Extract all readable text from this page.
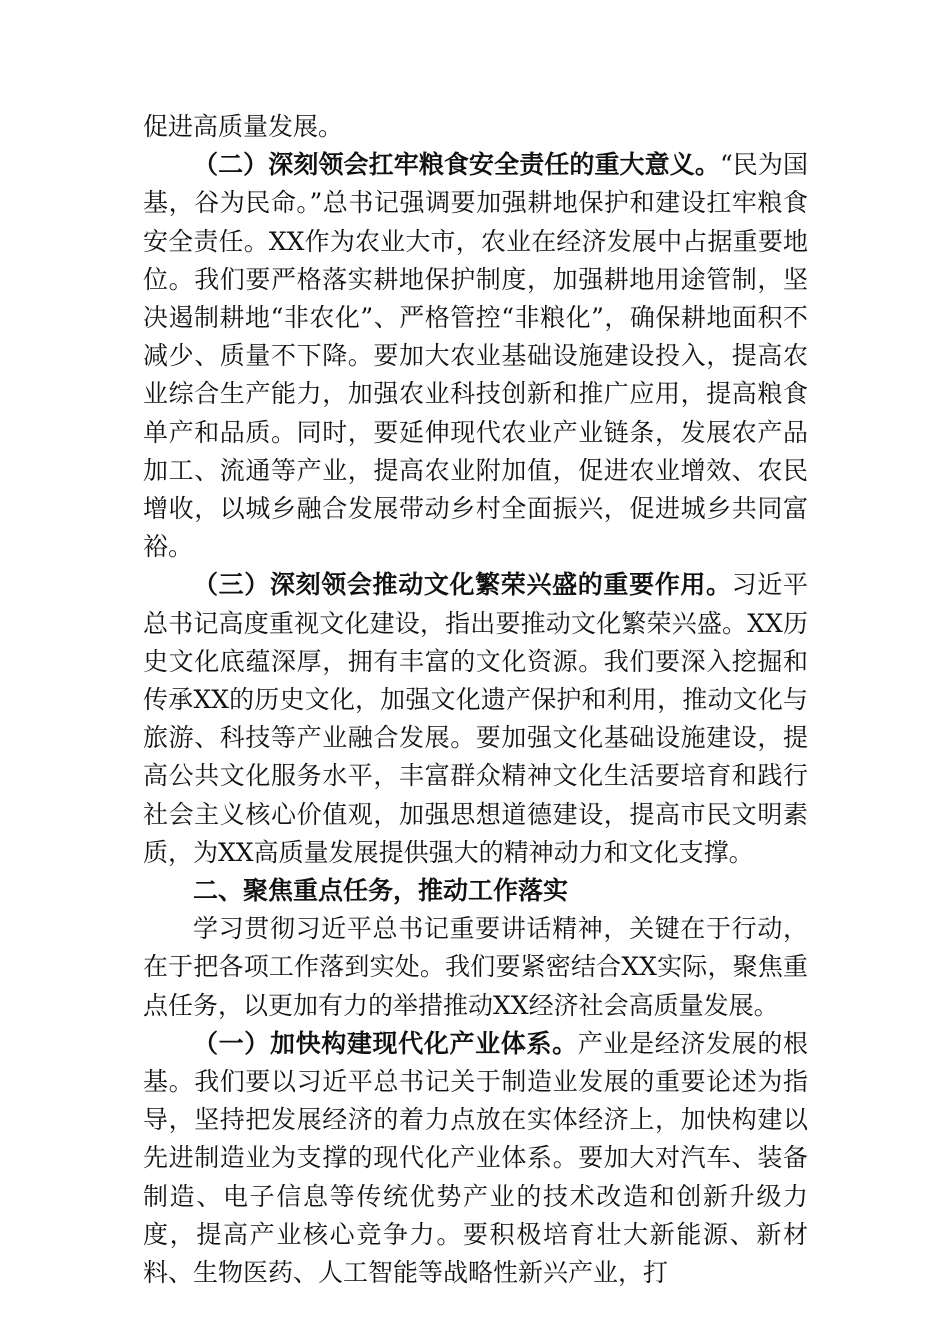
促进高质量发展。

（二）深刻领会扛牢粮食安全责任的重大意义。“民为国基，谷为民命。”总书记强调要加强耕地保护和建设扛牢粮食安全责任。XX作为农业大市，农业在经济发展中占据重要地位。我们要严格落实耕地保护制度，加强耕地用途管制，坚决遏制耕地“非农化”、严格管控“非粮化”，确保耕地面积不减少、质量不下降。要加大农业基础设施建设投入，提高农业综合生产能力，加强农业科技创新和推广应用，提高粮食单产和品质。同时，要延伸现代农业产业链条，发展农产品加工、流通等产业，提高农业附加值，促进农业增效、农民增收，以城乡融合发展带动乡村全面振兴，促进城乡共同富裕。

（三）深刻领会推动文化繁荣兴盛的重要作用。习近平总书记高度重视文化建设，指出要推动文化繁荣兴盛。XX历史文化底蕴深厚，拥有丰富的文化资源。我们要深入挖掘和传承XX的历史文化，加强文化遗产保护和利用，推动文化与旅游、科技等产业融合发展。要加强文化基础设施建设，提高公共文化服务水平，丰富群众精神文化生活要培育和践行社会主义核心价值观，加强思想道德建设，提高市民文明素质，为XX高质量发展提供强大的精神动力和文化支撑。

二、聚焦重点任务，推动工作落实

学习贯彻习近平总书记重要讲话精神，关键在于行动，在于把各项工作落到实处。我们要紧密结合XX实际，聚焦重点任务，以更加有力的举措推动XX经济社会高质量发展。

（一）加快构建现代化产业体系。产业是经济发展的根基。我们要以习近平总书记关于制造业发展的重要论述为指导，坚持把发展经济的着力点放在实体经济上，加快构建以先进制造业为支撑的现代化产业体系。要加大对汽车、装备制造、电子信息等传统优势产业的技术改造和创新升级力度，提高产业核心竞争力。要积极培育壮大新能源、新材料、生物医药、人工智能等战略性新兴产业，打
